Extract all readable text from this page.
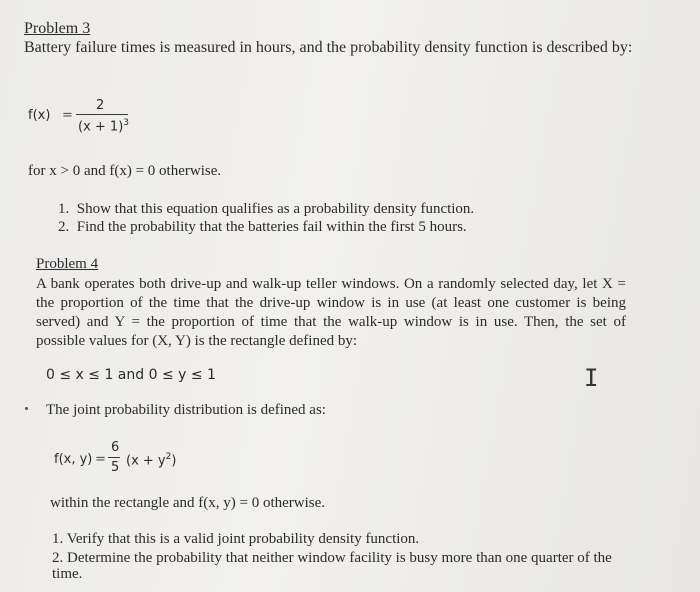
Problem 3
Battery failure times is measured in hours, and the probability density function is described by:
f(x) =
2
$(x + 1)^3$
for x > 0 and f(x) = 0 otherwise.
1. Show that this equation qualifies as a probability density function.
2. Find the probability that the batteries fail within the first 5 hours.
Problem 4
A bank operates both drive-up and walk-up teller windows. On a randomly selected day, let X = the proportion of the time that the drive-up window is in use (at least one customer is being served) and Y = the proportion of time that the walk-up window is in use. Then, the set of possible values for (X, Y) is the rectangle defined by:
0 ≤ x ≤ 1 and 0 ≤ y ≤ 1	I
The joint probability distribution is defined as:
f(x, y) =
6
5 $(x + y^2)$
within the rectangle and f(x, y) = 0 otherwise.
1. Verify that this is a valid joint probability density function.
2. Determine the probability that neither window facility is busy more than one quarter of the time.
